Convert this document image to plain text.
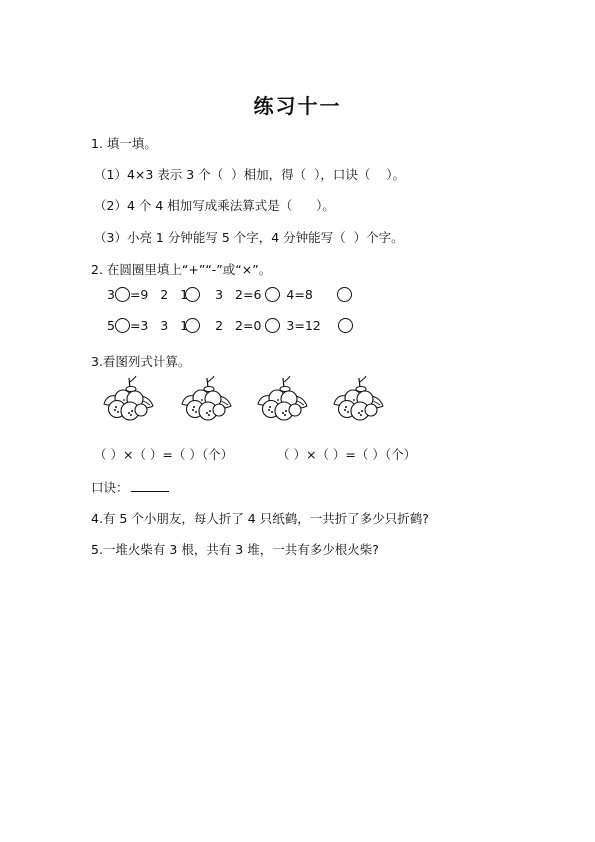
练习十一
1. 填一填。
（1）4×3 表示 3 个（  ）相加，得（  ），口诀（    ）。
（2）4 个 4 相加写成乘法算式是（      ）。
（3）小亮 1 分钟能写 5 个字，4 分钟能写（  ）个字。
2. 在圆圈里填上“+”“-”或“×”。
3 =9   2   1 3   2=6 4=8
5 =3   3   1 2   2=0 3=12
3.看图列式计算。
（ ）×（ ）=（ ）（个）	（ ）×（ ）=（ ）（个）
口诀：
4.有 5 个小朋友，每人折了 4 只纸鹤，一共折了多少只折鹤?
5.一堆火柴有 3 根，共有 3 堆，一共有多少根火柴?
